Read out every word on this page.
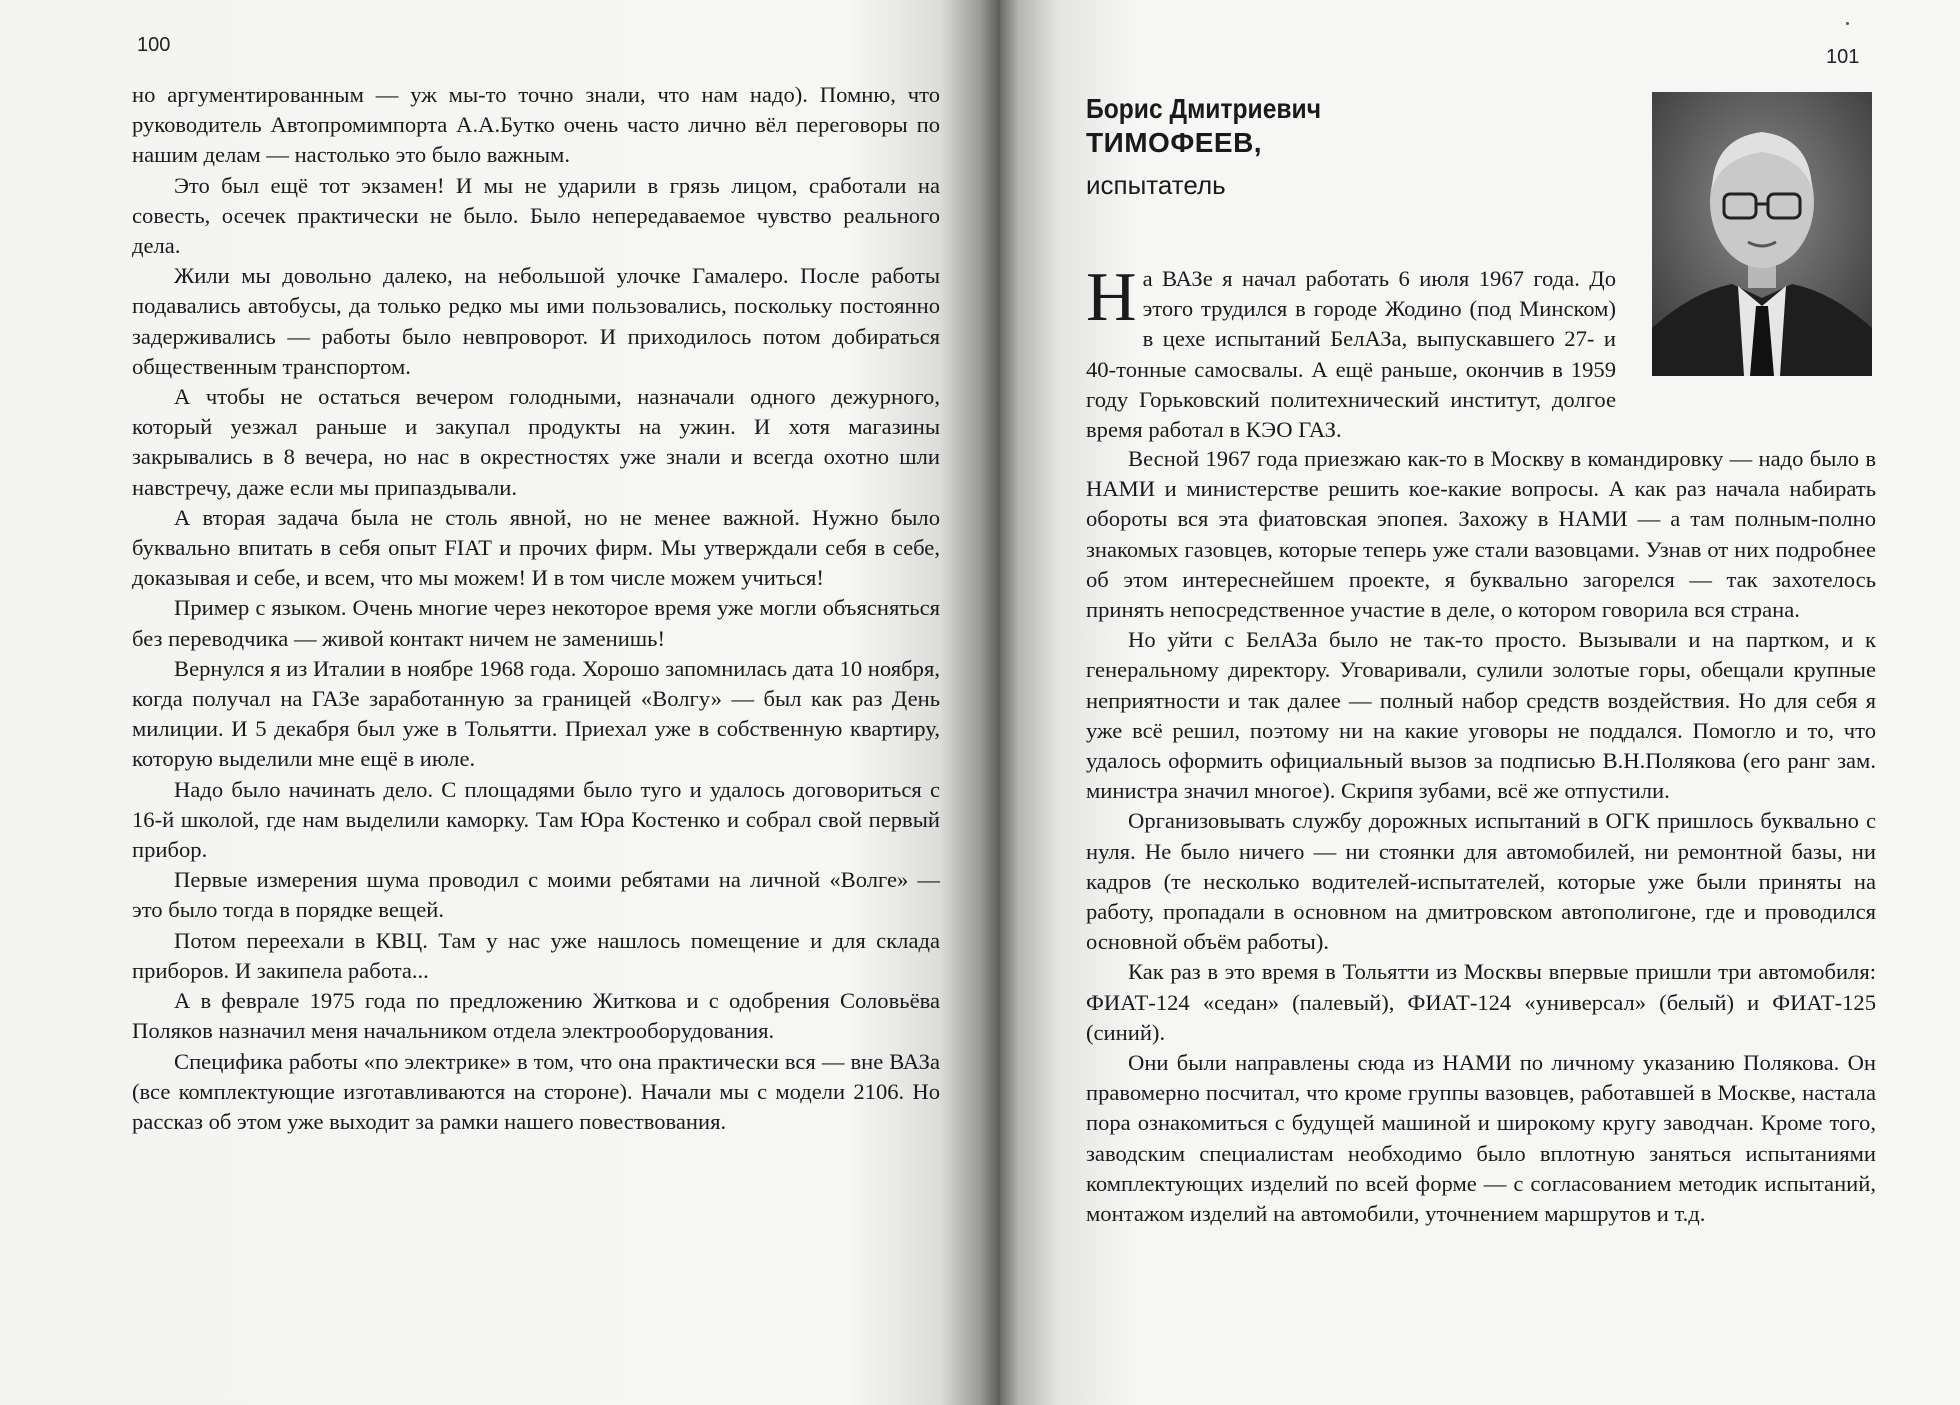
100
101

но аргументированным — уж мы-то точно знали, что нам надо). Помню, что руководитель Автопромимпорта А.А.Бутко очень часто лично вёл переговоры по нашим делам — настолько это было важным.

Это был ещё тот экзамен! И мы не ударили в грязь лицом, сработали на совесть, осечек практически не было. Было непередаваемое чувство реального дела.

Жили мы довольно далеко, на небольшой улочке Гамалеро. После работы подавались автобусы, да только редко мы ими пользовались, поскольку постоянно задерживались — работы было невпроворот. И приходилось потом добираться общественным транспортом.

А чтобы не остаться вечером голодными, назначали одного дежурного, который уезжал раньше и закупал продукты на ужин. И хотя магазины закрывались в 8 вечера, но нас в окрестностях уже знали и всегда охотно шли навстречу, даже если мы припаздывали.

А вторая задача была не столь явной, но не менее важной. Нужно было буквально впитать в себя опыт FIAT и прочих фирм. Мы утверждали себя в себе, доказывая и себе, и всем, что мы можем! И в том числе можем учиться!

Пример с языком. Очень многие через некоторое время уже могли объясняться без переводчика — живой контакт ничем не заменишь!

Вернулся я из Италии в ноябре 1968 года. Хорошо запомнилась дата 10 ноября, когда получал на ГАЗе заработанную за границей «Волгу» — был как раз День милиции. И 5 декабря был уже в Тольятти. Приехал уже в собственную квартиру, которую выделили мне ещё в июле.

Надо было начинать дело. С площадями было туго и удалось договориться с 16-й школой, где нам выделили каморку. Там Юра Костенко и собрал свой первый прибор.

Первые измерения шума проводил с моими ребятами на личной «Волге» — это было тогда в порядке вещей.

Потом переехали в КВЦ. Там у нас уже нашлось помещение и для склада приборов. И закипела работа...

А в феврале 1975 года по предложению Житкова и с одобрения Соловьёва Поляков назначил меня начальником отдела электрооборудования.

Специфика работы «по электрике» в том, что она практически вся — вне ВАЗа (все комплектующие изготавливаются на стороне). Начали мы с модели 2106. Но рассказ об этом уже выходит за рамки нашего повествования.

Борис Дмитриевич
ТИМОФЕЕВ,
испытатель

На ВАЗе я начал работать 6 июля 1967 года. До этого трудился в городе Жодино (под Минском) в цехе испытаний БелАЗа, выпускавшего 27- и 40-тонные самосвалы. А ещё раньше, окончив в 1959 году Горьковский политехнический институт, долгое время работал в КЭО ГАЗ.

Весной 1967 года приезжаю как-то в Москву в командировку — надо было в НАМИ и министерстве решить кое-какие вопросы. А как раз начала набирать обороты вся эта фиатовская эпопея. Захожу в НАМИ — а там полным-полно знакомых газовцев, которые теперь уже стали вазовцами. Узнав от них подробнее об этом интереснейшем проекте, я буквально загорелся — так захотелось принять непосредственное участие в деле, о котором говорила вся страна.

Но уйти с БелАЗа было не так-то просто. Вызывали и на партком, и к генеральному директору. Уговаривали, сулили золотые горы, обещали крупные неприятности и так далее — полный набор средств воздействия. Но для себя я уже всё решил, поэтому ни на какие уговоры не поддался. Помогло и то, что удалось оформить официальный вызов за подписью В.Н.Полякова (его ранг зам. министра значил многое). Скрипя зубами, всё же отпустили.

Организовывать службу дорожных испытаний в ОГК пришлось буквально с нуля. Не было ничего — ни стоянки для автомобилей, ни ремонтной базы, ни кадров (те несколько водителей-испытателей, которые уже были приняты на работу, пропадали в основном на дмитровском автополигоне, где и проводился основной объём работы).

Как раз в это время в Тольятти из Москвы впервые пришли три автомобиля: ФИАТ-124 «седан» (палевый), ФИАТ-124 «универсал» (белый) и ФИАТ-125 (синий).

Они были направлены сюда из НАМИ по личному указанию Полякова. Он правомерно посчитал, что кроме группы вазовцев, работавшей в Москве, настала пора ознакомиться с будущей машиной и широкому кругу заводчан. Кроме того, заводским специалистам необходимо было вплотную заняться испытаниями комплектующих изделий по всей форме — с согласованием методик испытаний, монтажом изделий на автомобили, уточнением маршрутов и т.д.
